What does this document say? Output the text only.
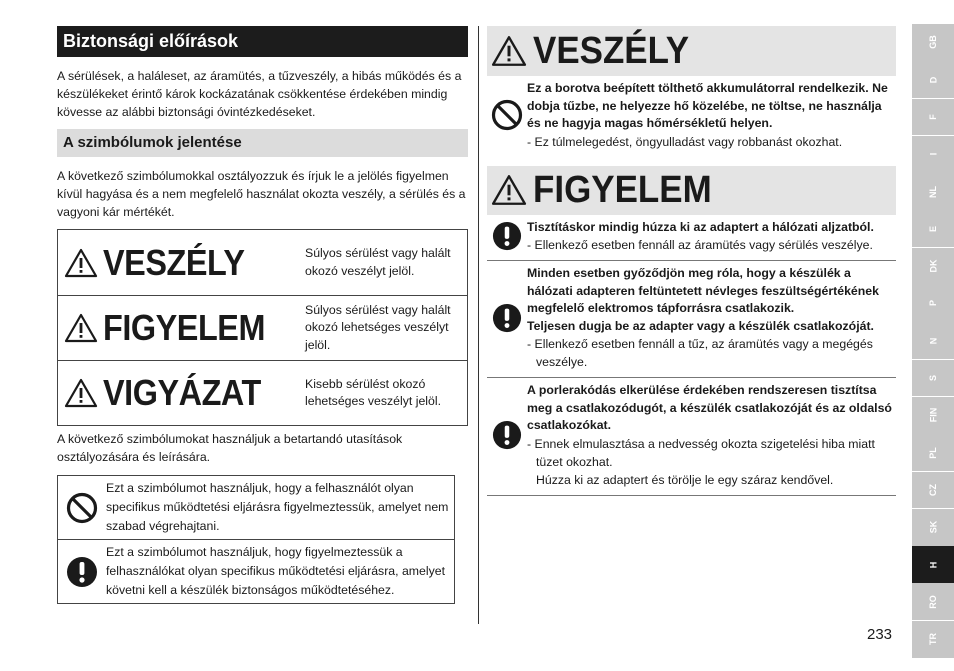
Biztonsági előírások
A sérülések, a haláleset, az áramütés, a tűzveszély, a hibás működés és a készülékeket érintő károk kockázatának csökkentése érdekében mindig kövesse az alábbi biztonsági óvintézkedéseket.
A szimbólumok jelentése
A következő szimbólumokkal osztályozzuk és írjuk le a jelölés figyelmen kívül hagyása és a nem megfelelő használat okozta veszély, a sérülés és a vagyoni kár mértékét.
VESZÉLY	Súlyos sérülést vagy halált okozó veszélyt jelöl.
FIGYELEM	Súlyos sérülést vagy halált okozó lehetséges veszélyt jelöl.
VIGYÁZAT	Kisebb sérülést okozó lehetséges veszélyt jelöl.
A következő szimbólumokat használjuk a betartandó utasítások osztályozására és leírására.
Ezt a szimbólumot használjuk, hogy a felhasználót olyan specifikus működtetési eljárásra figyelmeztessük, amelyet nem szabad végrehajtani.
Ezt a szimbólumot használjuk, hogy figyelmeztessük a felhasználókat olyan specifikus működtetési eljárásra, amelyet követni kell a készülék biztonságos működtetéséhez.
VESZÉLY
Ez a borotva beépített tölthető akkumulátorral rendelkezik. Ne dobja tűzbe, ne helyezze hő közelébe, ne töltse, ne használja és ne hagyja magas hőmérsékletű helyen.
- Ez túlmelegedést, öngyulladást vagy robbanást okozhat.
FIGYELEM
Tisztításkor mindig húzza ki az adaptert a hálózati aljzatból.
- Ellenkező esetben fennáll az áramütés vagy sérülés veszélye.
Minden esetben győződjön meg róla, hogy a készülék a hálózati adapteren feltüntetett névleges feszültségértékének megfelelő elektromos tápforrásra csatlakozik.
Teljesen dugja be az adapter vagy a készülék csatlakozóját.
- Ellenkező esetben fennáll a tűz, az áramütés vagy a megégés veszélye.
A porlerakódás elkerülése érdekében rendszeresen tisztítsa meg a csatlakozódugót, a készülék csatlakozóját és az oldalsó csatlakozókat.
- Ennek elmulasztása a nedvesség okozta szigetelési hiba miatt tüzet okozhat.
Húzza ki az adaptert és törölje le egy száraz kendővel.
GB
D
F
I
NL
E
DK
P
N
S
FIN
PL
CZ
SK
H
RO
TR
233
